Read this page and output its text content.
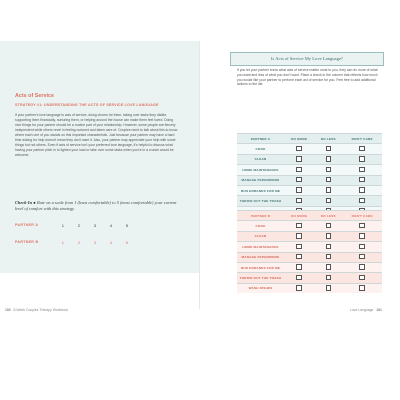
Acts of Service
STRATEGY #1: UNDERSTANDING THE ACTS OF SERVICE LOVE LANGUAGE

If your partner's love language is acts of service, doing chores for them, taking over tasks they dislike, supporting them financially, nurturing them, or helping around the house can make them feel loved. Doing nice things for your partner should be a routine part of your relationship. However, some people are fiercely independent while others revel in feeling nurtured and taken care of. Couples need to talk about this to know where each one of you stands on this important characteristic. Just because your partner may have a hard time asking for help doesn't mean they don't want it. Also, your partner may appreciate your help with some things but not others. Even if acts of service isn't your preferred love language, it's helpful to discuss what having your partner pitch in to lighten your load or take over some tasks when you're in a crunch would be welcome.

Check-In ● Rate on a scale from 1 (least comfortable) to 5 (most comfortable) your current level of comfort with this strategy.
PARTNER A	1	2	3	4	5
PARTNER B	1	2	3	4	5
180 8-Week Couples Therapy Workbook
Is Acts of Service My Love Language?

If you let your partner know what acts of service matter most to you, they can do more of what you want and less of what you don't want. Place a check in the column that reflects how much you would like your partner to perform each act of service for you. Feel free to add additional actions to the list.

PARTNER A	DO MORE	DO LESS	DON'T CARE
COOK			
CLEAN			
HOME MAINTENANCE			
MANAGE PAPERWORK			
RUN ERRANDS FOR ME			
THROW OUT THE TRASH			
WASH DISHES			
PARTNER B	DO MORE	DO LESS	DON'T CARE
COOK			
CLEAN			
HOME MAINTENANCE			
MANAGE PAPERWORK			
RUN ERRANDS FOR ME			
THROW OUT THE TRASH			
WASH DISHES			
Love Language 181
